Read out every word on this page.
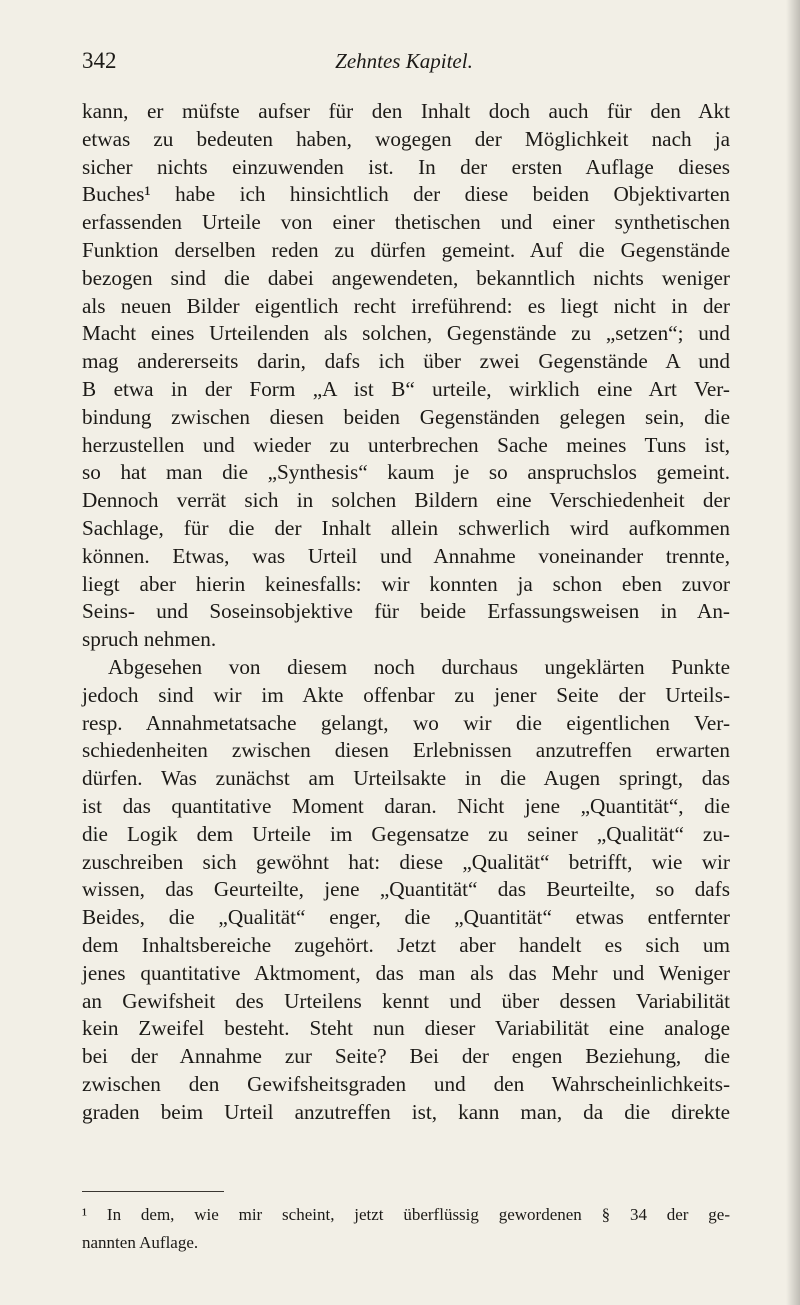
342	Zehntes Kapitel.
kann, er müfste aufser für den Inhalt doch auch für den Akt
etwas zu bedeuten haben, wogegen der Möglichkeit nach ja
sicher nichts einzuwenden ist. In der ersten Auflage dieses
Buches¹ habe ich hinsichtlich der diese beiden Objektivarten
erfassenden Urteile von einer thetischen und einer synthetischen
Funktion derselben reden zu dürfen gemeint. Auf die Gegenstände
bezogen sind die dabei angewendeten, bekanntlich nichts weniger
als neuen Bilder eigentlich recht irreführend: es liegt nicht in der
Macht eines Urteilenden als solchen, Gegenstände zu „setzen“; und
mag andererseits darin, dafs ich über zwei Gegenstände A und
B etwa in der Form „A ist B“ urteile, wirklich eine Art Ver-
bindung zwischen diesen beiden Gegenständen gelegen sein, die
herzustellen und wieder zu unterbrechen Sache meines Tuns ist,
so hat man die „Synthesis“ kaum je so anspruchslos gemeint.
Dennoch verrät sich in solchen Bildern eine Verschiedenheit der
Sachlage, für die der Inhalt allein schwerlich wird aufkommen
können. Etwas, was Urteil und Annahme voneinander trennte,
liegt aber hierin keinesfalls: wir konnten ja schon eben zuvor
Seins- und Soseinsobjektive für beide Erfassungsweisen in An-
spruch nehmen.
Abgesehen von diesem noch durchaus ungeklärten Punkte
jedoch sind wir im Akte offenbar zu jener Seite der Urteils-
resp. Annahmetatsache gelangt, wo wir die eigentlichen Ver-
schiedenheiten zwischen diesen Erlebnissen anzutreffen erwarten
dürfen. Was zunächst am Urteilsakte in die Augen springt, das
ist das quantitative Moment daran. Nicht jene „Quantität“, die
die Logik dem Urteile im Gegensatze zu seiner „Qualität“ zu-
zuschreiben sich gewöhnt hat: diese „Qualität“ betrifft, wie wir
wissen, das Geurteilte, jene „Quantität“ das Beurteilte, so dafs
Beides, die „Qualität“ enger, die „Quantität“ etwas entfernter
dem Inhaltsbereiche zugehört. Jetzt aber handelt es sich um
jenes quantitative Aktmoment, das man als das Mehr und Weniger
an Gewifsheit des Urteilens kennt und über dessen Variabilität
kein Zweifel besteht. Steht nun dieser Variabilität eine analoge
bei der Annahme zur Seite? Bei der engen Beziehung, die
zwischen den Gewifsheitsgraden und den Wahrscheinlichkeits-
graden beim Urteil anzutreffen ist, kann man, da die direkte
¹ In dem, wie mir scheint, jetzt überflüssig gewordenen § 34 der ge-
nannten Auflage.
